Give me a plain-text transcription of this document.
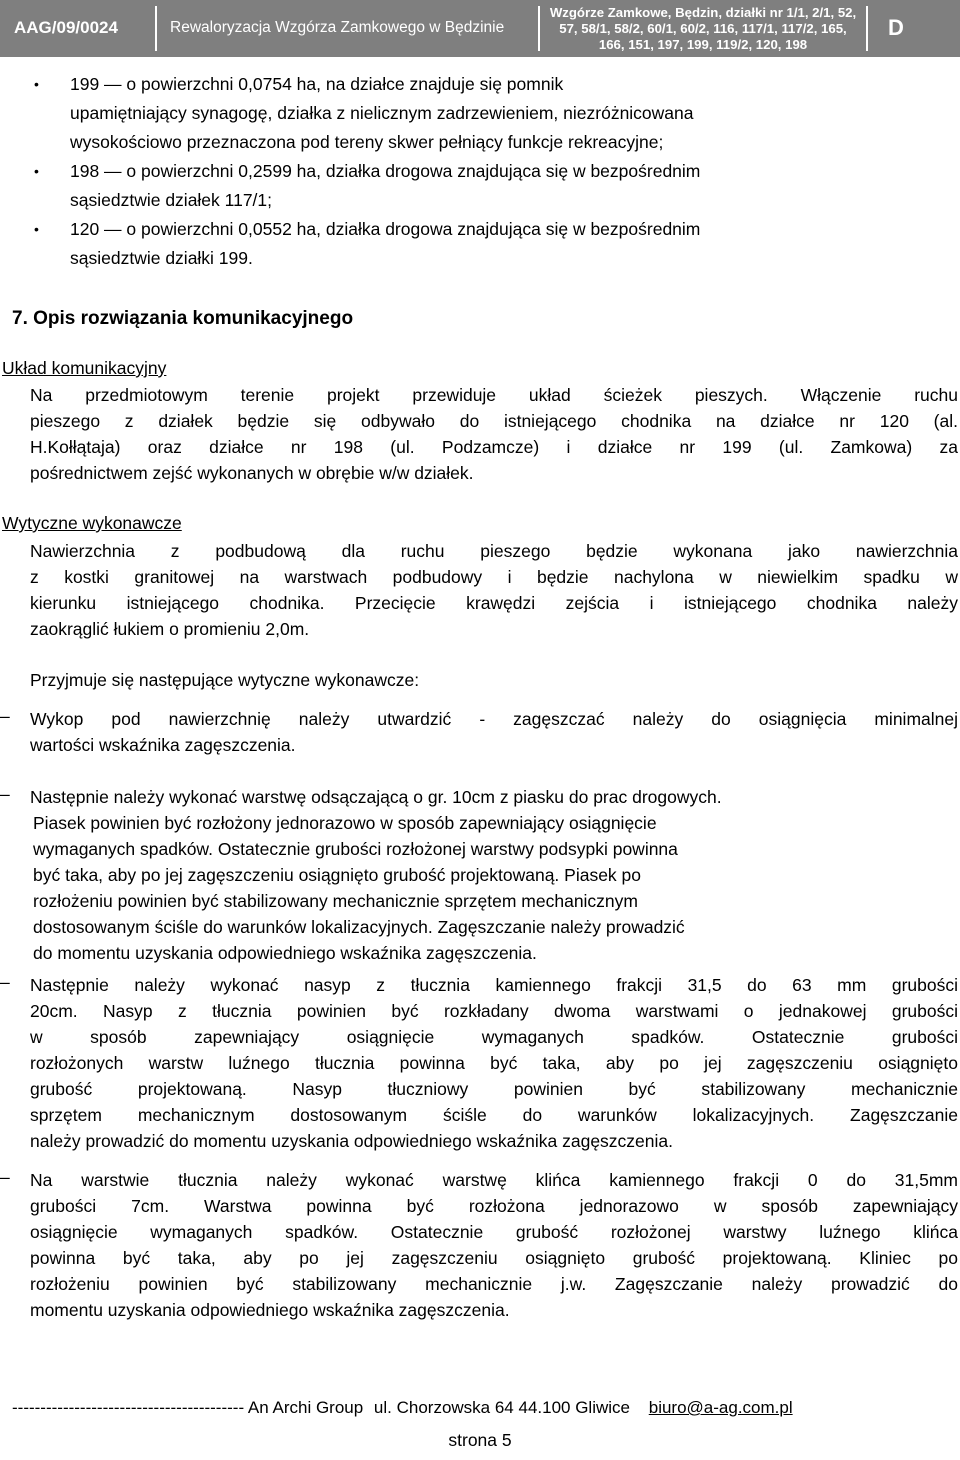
AAG/09/0024	Rewaloryzacja Wzgórza Zamkowego w Będzinie
Wzgórze Zamkowe, Będzin, działki nr 1/1, 2/1, 52,
57, 58/1, 58/2, 60/1, 60/2, 116, 117/1, 117/2, 165,
166, 151, 197, 199, 119/2, 120, 198
D
• 199 — o powierzchni 0,0754 ha, na działce znajduje się pomnik
upamiętniający synagogę, działka z nielicznym zadrzewieniem, niezróżnicowana
wysokościowo przeznaczona pod tereny skwer pełniący funkcje rekreacyjne;
• 198 — o powierzchni 0,2599 ha, działka drogowa znajdująca się w bezpośrednim
sąsiedztwie działek 117/1;
• 120 — o powierzchni 0,0552 ha, działka drogowa znajdująca się w bezpośrednim
sąsiedztwie działki 199.
7. Opis rozwiązania komunikacyjnego
Układ komunikacyjny
Na przedmiotowym terenie projekt przewiduje układ ścieżek pieszych. Włączenie ruchu
pieszego z działek będzie się odbywało do istniejącego chodnika na działce nr 120 (al.
H.Kołłątaja) oraz działce nr 198 (ul. Podzamcze) i działce nr 199 (ul. Zamkowa) za
pośrednictwem zejść wykonanych w obrębie w/w działek.
Wytyczne wykonawcze
Nawierzchnia z podbudową dla ruchu pieszego będzie wykonana jako nawierzchnia
z kostki granitowej na warstwach podbudowy i będzie nachylona w niewielkim spadku w
kierunku istniejącego chodnika. Przecięcie krawędzi zejścia i istniejącego chodnika należy
zaokrąglić łukiem o promieniu 2,0m.
Przyjmuje się następujące wytyczne wykonawcze:
– Wykop pod nawierzchnię należy utwardzić - zagęszczać należy do osiągnięcia minimalnej
wartości wskaźnika zagęszczenia.
– Następnie należy wykonać warstwę odsączającą o gr. 10cm z piasku do prac drogowych.
Piasek powinien być rozłożony jednorazowo w sposób zapewniający osiągnięcie
wymaganych spadków. Ostatecznie grubości rozłożonej warstwy podsypki powinna
być taka, aby po jej zagęszczeniu osiągnięto grubość projektowaną. Piasek po
rozłożeniu powinien być stabilizowany mechanicznie sprzętem mechanicznym
dostosowanym ściśle do warunków lokalizacyjnych. Zagęszczanie należy prowadzić
do momentu uzyskania odpowiedniego wskaźnika zagęszczenia.
– Następnie należy wykonać nasyp z tłucznia kamiennego frakcji 31,5 do 63 mm grubości
20cm. Nasyp z tłucznia powinien być rozkładany dwoma warstwami o jednakowej grubości
w sposób zapewniający osiągnięcie wymaganych spadków. Ostatecznie grubości
rozłożonych warstw luźnego tłucznia powinna być taka, aby po jej zagęszczeniu osiągnięto
grubość projektowaną. Nasyp tłuczniowy powinien być stabilizowany mechanicznie
sprzętem mechanicznym dostosowanym ściśle do warunków lokalizacyjnych. Zagęszczanie
należy prowadzić do momentu uzyskania odpowiedniego wskaźnika zagęszczenia.
– Na warstwie tłucznia należy wykonać warstwę klińca kamiennego frakcji 0 do 31,5mm
grubości 7cm. Warstwa powinna być rozłożona jednorazowo w sposób zapewniający
osiągnięcie wymaganych spadków. Ostatecznie grubość rozłożonej warstwy luźnego klińca
powinna być taka, aby po jej zagęszczeniu osiągnięto grubość projektowaną. Kliniec po
rozłożeniu powinien być stabilizowany mechanicznie j.w. Zagęszczanie należy prowadzić do
momentu uzyskania odpowiedniego wskaźnika zagęszczenia.
----------------------------------------- An Archi Group ul. Chorzowska 64 44.100 Gliwice biuro@a-ag.com.pl
strona 5
